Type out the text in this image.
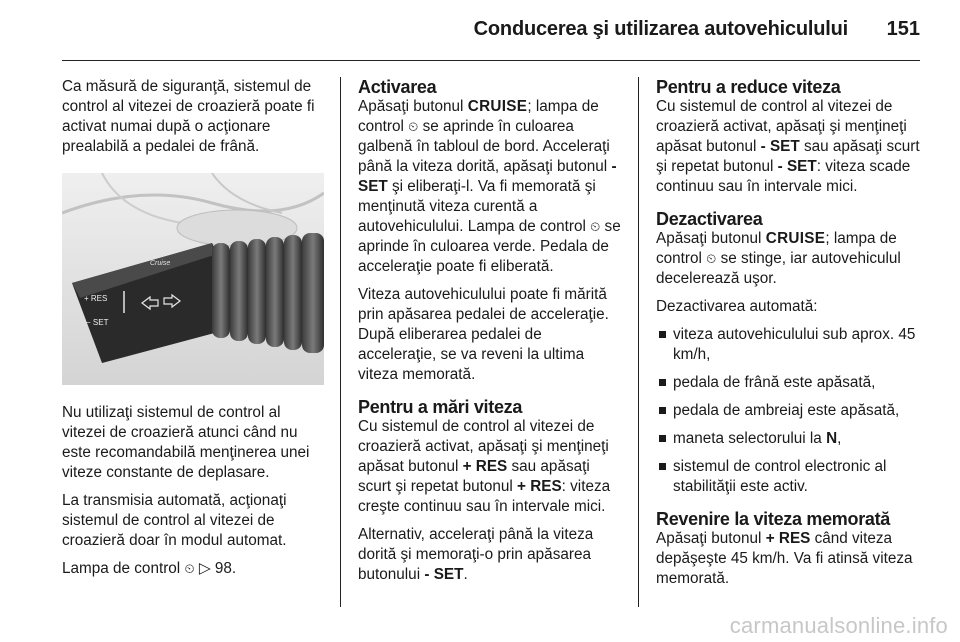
Conducerea şi utilizarea autovehiculului 151

Ca măsură de siguranţă, sistemul de control al vitezei de croazieră poate fi activat numai după o acţionare prealabilă a pedalei de frână.

Cruise
+ RES
− SET

Nu utilizaţi sistemul de control al vitezei de croazieră atunci când nu este recomandabilă menţinerea unei viteze constante de deplasare.

La transmisia automată, acţionaţi sistemul de control al vitezei de croazieră doar în modul automat.

Lampa de control ⏲ ▷ 98.

Activarea

Apăsaţi butonul CRUISE; lampa de control ⏲ se aprinde în culoarea galbenă în tabloul de bord. Acceleraţi până la viteza dorită, apăsaţi butonul - SET şi eliberaţi-l. Va fi memorată şi menţinută viteza curentă a autovehiculului. Lampa de control ⏲ se aprinde în culoarea verde. Pedala de acceleraţie poate fi eliberată.

Viteza autovehiculului poate fi mărită prin apăsarea pedalei de acceleraţie. După eliberarea pedalei de acceleraţie, se va reveni la ultima viteza memorată.

Pentru a mări viteza

Cu sistemul de control al vitezei de croazieră activat, apăsaţi şi menţineţi apăsat butonul + RES sau apăsaţi scurt şi repetat butonul + RES: viteza creşte continuu sau în intervale mici.

Alternativ, acceleraţi până la viteza dorită şi memoraţi-o prin apăsarea butonului - SET.

Pentru a reduce viteza

Cu sistemul de control al vitezei de croazieră activat, apăsaţi şi menţineţi apăsat butonul - SET sau apăsaţi scurt şi repetat butonul - SET: viteza scade continuu sau în intervale mici.

Dezactivarea

Apăsaţi butonul CRUISE; lampa de control ⏲ se stinge, iar autovehiculul decelerează uşor.

Dezactivarea automată:

viteza autovehiculului sub aprox. 45 km/h,
pedala de frână este apăsată,
pedala de ambreiaj este apăsată,
maneta selectorului la N,
sistemul de control electronic al stabilităţii este activ.
Revenire la viteza memorată

Apăsaţi butonul + RES când viteza depăşeşte 45 km/h. Va fi atinsă viteza memorată.

carmanualsonline.info
